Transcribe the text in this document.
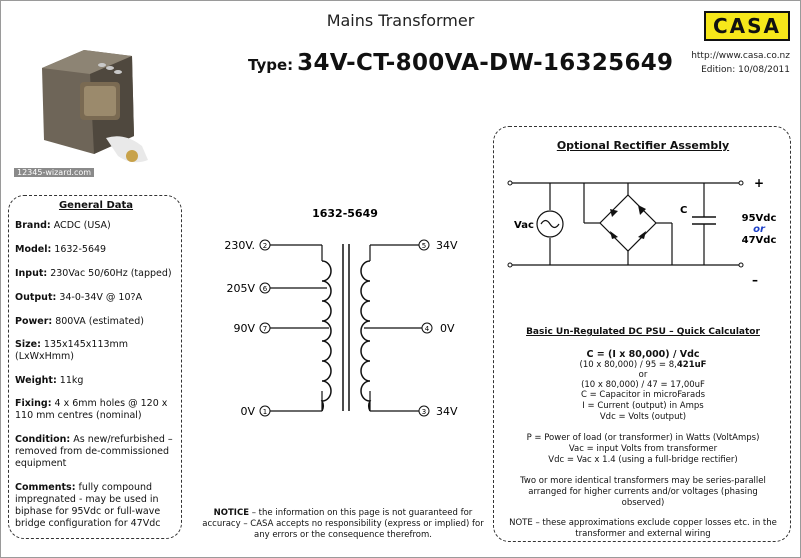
Mains Transformer
Type: 34V-CT-800VA-DW-16325649
CASA
http://www.casa.co.nz
Edition: 10/08/2011
12345-wizard.com
General Data
Brand: ACDC (USA)
Model: 1632-5649
Input: 230Vac 50/60Hz (tapped)
Output: 34-0-34V @ 10?A
Power: 800VA (estimated)
Size: 135x145x113mm (LxWxHmm)
Weight: 11kg
Fixing: 4 x 6mm holes @ 120 x 110 mm centres (nominal)
Condition: As new/refurbished – removed from de-commissioned equipment
Comments: fully compound impregnated - may be used in biphase for 95Vdc or full-wave bridge configuration for 47Vdc
1632-5649
2
230V.
6
205V
7
90V
1
0V
5 34V
4 0V
3 34V
Optional Rectifier Assembly
+
–
Vac
C
95Vdc
or
47Vdc
Basic Un-Regulated DC PSU – Quick Calculator
C = (I x 80,000) / Vdc
(10 x 80,000) / 95 = 8,421uF
or
(10 x 80,000) / 47 = 17,00uF
C = Capacitor in microFarads
I = Current (output) in Amps
Vdc = Volts (output)
P = Power of load (or transformer) in Watts (VoltAmps)
Vac = input Volts from transformer
Vdc = Vac x 1.4 (using a full-bridge rectifier)
Two or more identical transformers may be series-parallel arranged for higher currents and/or voltages (phasing observed)
NOTE – these approximations exclude copper losses etc. in the transformer and external wiring
NOTICE – the information on this page is not guaranteed for accuracy – CASA accepts no responsibility (express or implied) for any errors or the consequence therefrom.
